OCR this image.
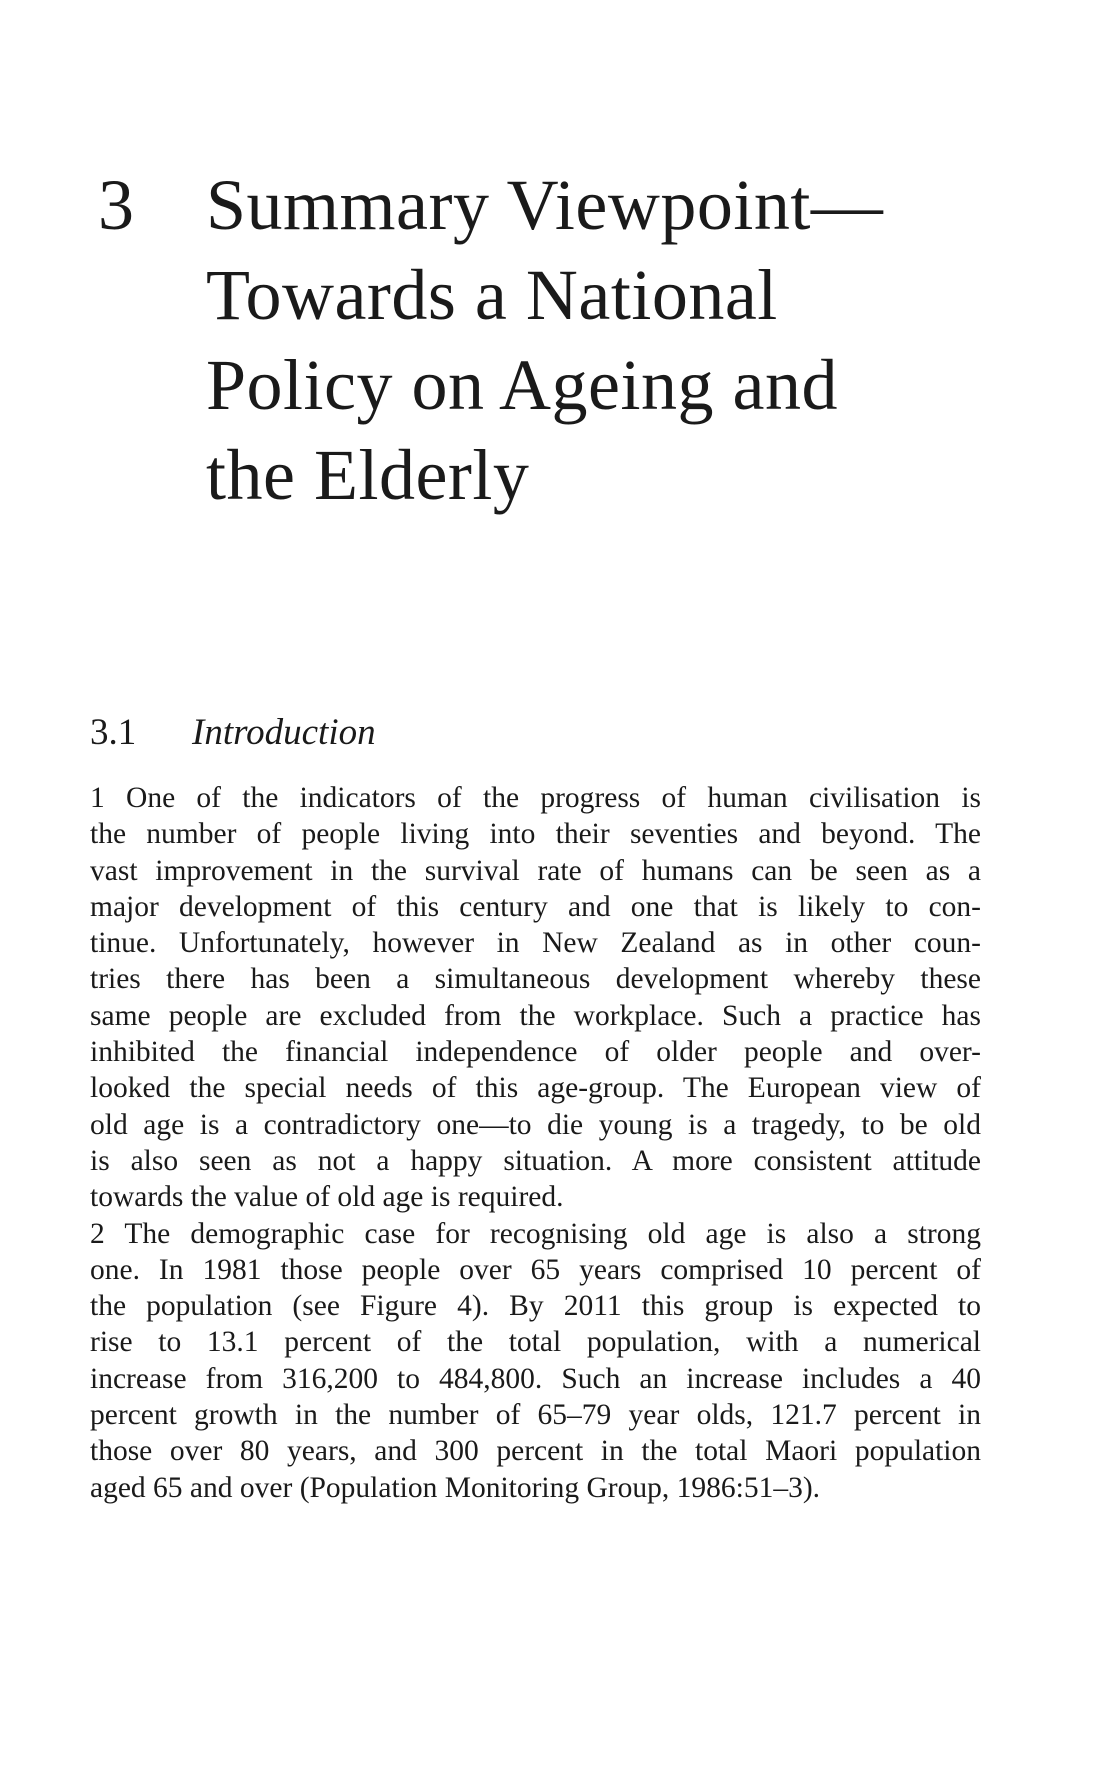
3 Summary Viewpoint—
Towards a National
Policy on Ageing and
the Elderly
3.1 Introduction
1 One of the indicators of the progress of human civilisation is
the number of people living into their seventies and beyond. The
vast improvement in the survival rate of humans can be seen as a
major development of this century and one that is likely to con-
tinue. Unfortunately, however in New Zealand as in other coun-
tries there has been a simultaneous development whereby these
same people are excluded from the workplace. Such a practice has
inhibited the financial independence of older people and over-
looked the special needs of this age-group. The European view of
old age is a contradictory one—to die young is a tragedy, to be old
is also seen as not a happy situation. A more consistent attitude
towards the value of old age is required.
2 The demographic case for recognising old age is also a strong
one. In 1981 those people over 65 years comprised 10 percent of
the population (see Figure 4). By 2011 this group is expected to
rise to 13.1 percent of the total population, with a numerical
increase from 316,200 to 484,800. Such an increase includes a 40
percent growth in the number of 65–79 year olds, 121.7 percent in
those over 80 years, and 300 percent in the total Maori population
aged 65 and over (Population Monitoring Group, 1986:51–3).
